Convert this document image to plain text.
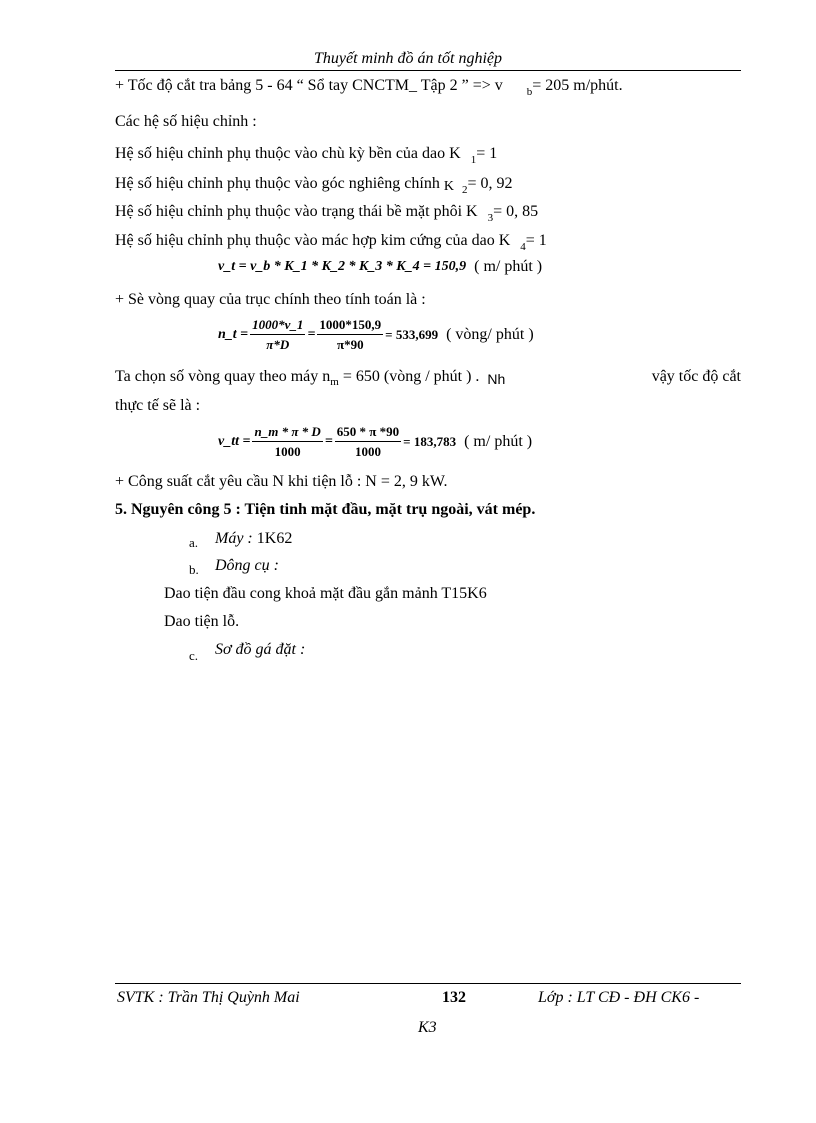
Thuyết minh đồ án tốt nghiệp
+ Tốc độ cắt tra bảng 5 - 64 “ Sổ tay CNCTM_ Tập 2 ” => v $_b$= 205 m/phút.
Các hệ số hiệu chỉnh :
Hệ số hiệu chỉnh phụ thuộc vào chù kỳ bền của dao K $_1$= 1
Hệ số hiệu chỉnh phụ thuộc vào góc nghiêng chính K $_2$= 0, 92
Hệ số hiệu chỉnh phụ thuộc vào trạng thái bề mặt phôi K $_3$= 0, 85
Hệ số hiệu chỉnh phụ thuộc vào mác hợp kim cứng của dao K $_4$= 1
v_t = v_b * K_1 * K_2 * K_3 * K_4 = 150,9 ( m/ phút )
+ Sè vòng quay của trục chính theo tính toán là :
n_t = $\frac{1000*v\_1}{\pi*D} = \frac{1000*150,9}{\pi*90} = 533,699$ ( vòng/ phút )
Ta chọn số vòng quay theo máy $n_m = 650$ (vòng / phút ) . Nh	vậy tốc độ cắt
thực tế sẽ là :
v_tt = $\frac{n\_m * \pi * D}{1000} = \frac{650 * \pi *90}{1000} = 183,783$ ( m/ phút )
+ Công suất cắt yêu cầu N khi tiện lỗ : N = 2, 9 kW.
5. Nguyên công 5 : Tiện tinh mặt đầu, mặt trụ ngoài, vát mép.
a. Máy : 1K62
b. Dông cụ :
Dao tiện đầu cong khoả mặt đầu gắn mảnh T15K6
Dao tiện lỗ.
c. Sơ đồ gá đặt :
SVTK : Trần Thị Quỳnh Mai	132	Lớp : LT CĐ - ĐH CK6 -
K3
